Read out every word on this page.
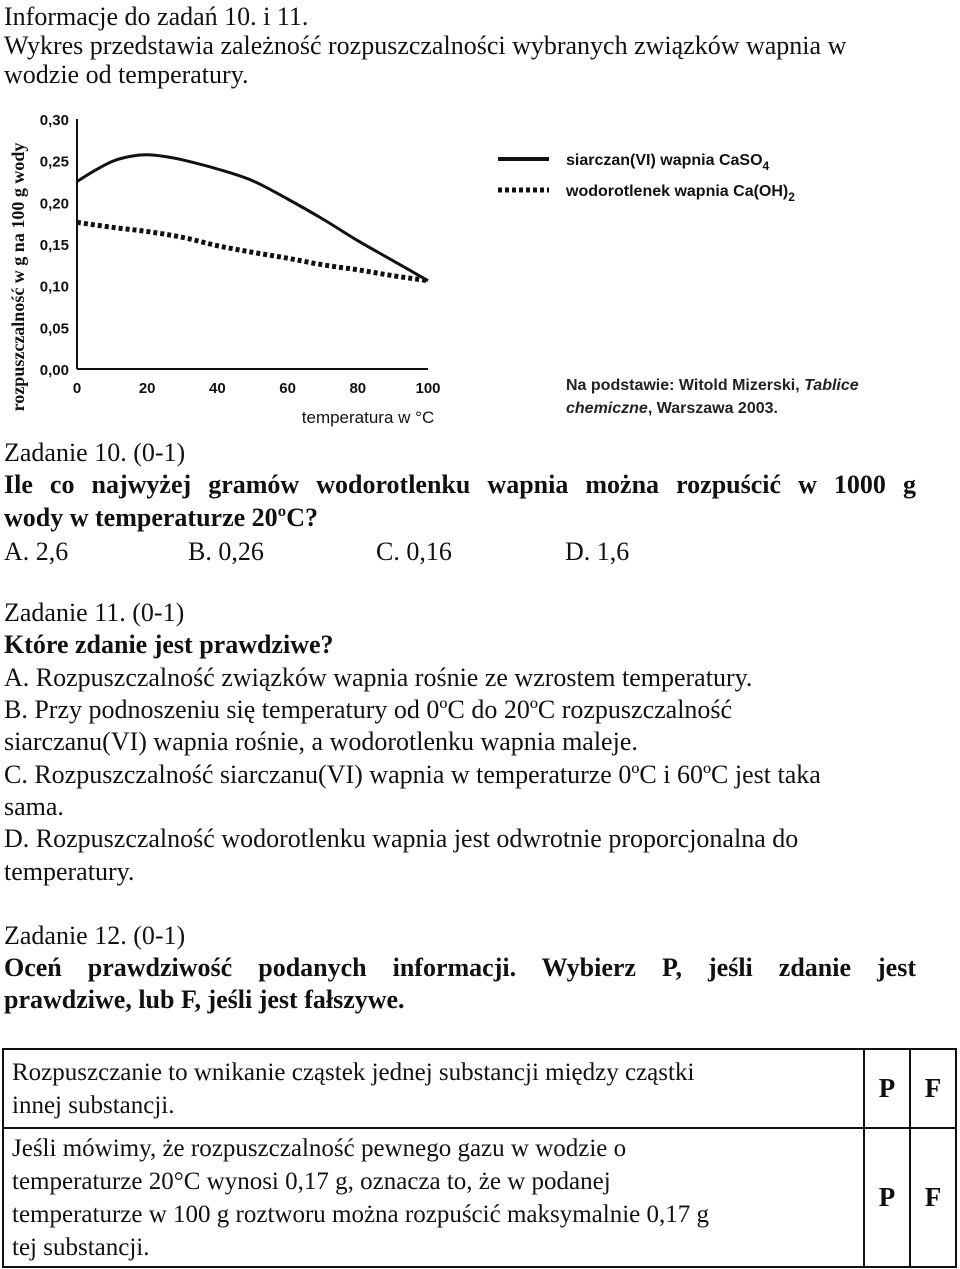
Informacje do zadań 10. i 11.
Wykres przedstawia zależność rozpuszczalności wybranych związków wapnia w
wodzie od temperatury.
0,00
0,05
0,10
0,15
0,20
0,25
0,30
0	20	40	60	80	100
rozpuszczalność w g na 100 g wody
temperatura w °C
siarczan(VI) wapnia CaSO$_4$
wodorotlenek wapnia $Ca(OH)_2$
Na podstawie: Witold Mizerski, Tablice
chemiczne, Warszawa 2003.
Zadanie 10. (0-1)
Ile co najwyżej gramów wodorotlenku wapnia można rozpuścić w 1000 g
wody w temperaturze 20ºC?
A. 2,6	B. 0,26	C. 0,16	D. 1,6
Zadanie 11. (0-1)
Które zdanie jest prawdziwe?
A. Rozpuszczalność związków wapnia rośnie ze wzrostem temperatury.
B. Przy podnoszeniu się temperatury od 0ºC do 20ºC rozpuszczalność
siarczanu(VI) wapnia rośnie, a wodorotlenku wapnia maleje.
C. Rozpuszczalność siarczanu(VI) wapnia w temperaturze 0ºC i 60ºC jest taka
sama.
D. Rozpuszczalność wodorotlenku wapnia jest odwrotnie proporcjonalna do
temperatury.
Zadanie 12. (0-1)
Oceń prawdziwość podanych informacji. Wybierz P, jeśli zdanie jest
prawdziwe, lub F, jeśli jest fałszywe.
Rozpuszczanie to wnikanie cząstek jednej substancji między cząstki
innej substancji.	P	F

Jeśli mówimy, że rozpuszczalność pewnego gazu w wodzie o
temperaturze 20°C wynosi 0,17 g, oznacza to, że w podanej
temperaturze w 100 g roztworu można rozpuścić maksymalnie 0,17 g
tej substancji.	P	F
